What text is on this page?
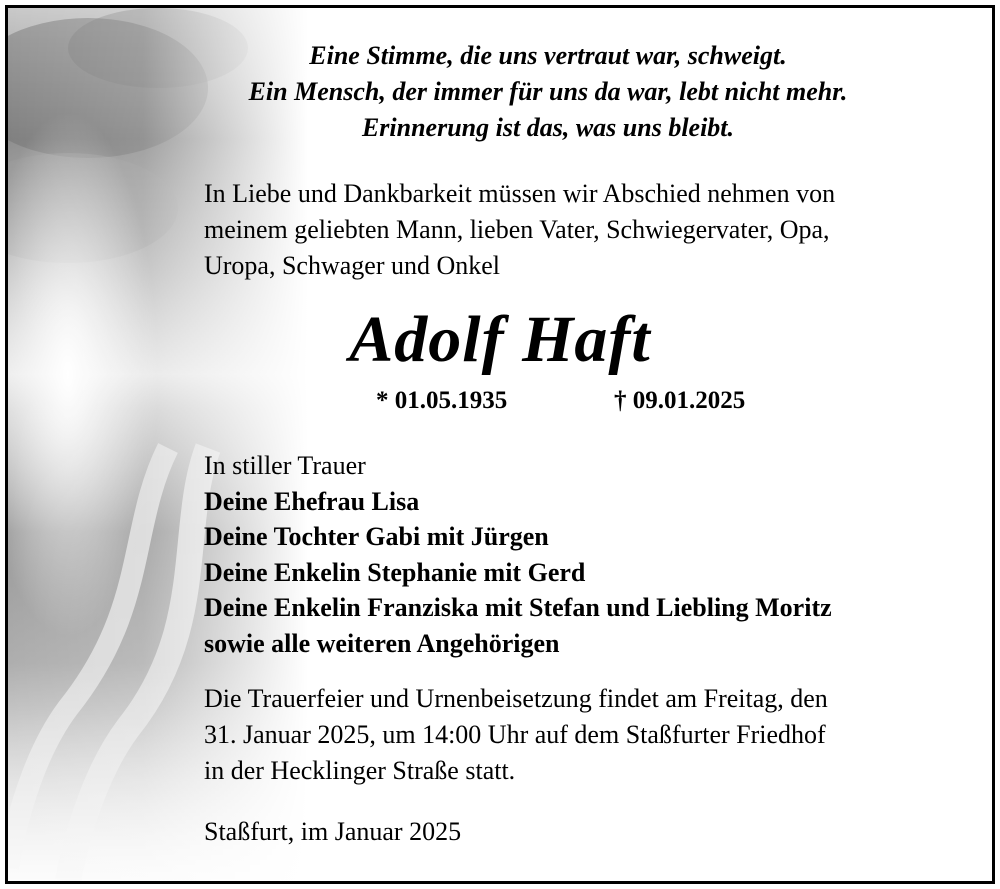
Eine Stimme, die uns vertraut war, schweigt.
Ein Mensch, der immer für uns da war, lebt nicht mehr.
Erinnerung ist das, was uns bleibt.
In Liebe und Dankbarkeit müssen wir Abschied nehmen von
meinem geliebten Mann, lieben Vater, Schwiegervater, Opa,
Uropa, Schwager und Onkel
Adolf Haft
* 01.05.1935	† 09.01.2025
In stiller Trauer
Deine Ehefrau Lisa
Deine Tochter Gabi mit Jürgen
Deine Enkelin Stephanie mit Gerd
Deine Enkelin Franziska mit Stefan und Liebling Moritz
sowie alle weiteren Angehörigen
Die Trauerfeier und Urnenbeisetzung findet am Freitag, den
31. Januar 2025, um 14:00 Uhr auf dem Staßfurter Friedhof
in der Hecklinger Straße statt.
Staßfurt, im Januar 2025
